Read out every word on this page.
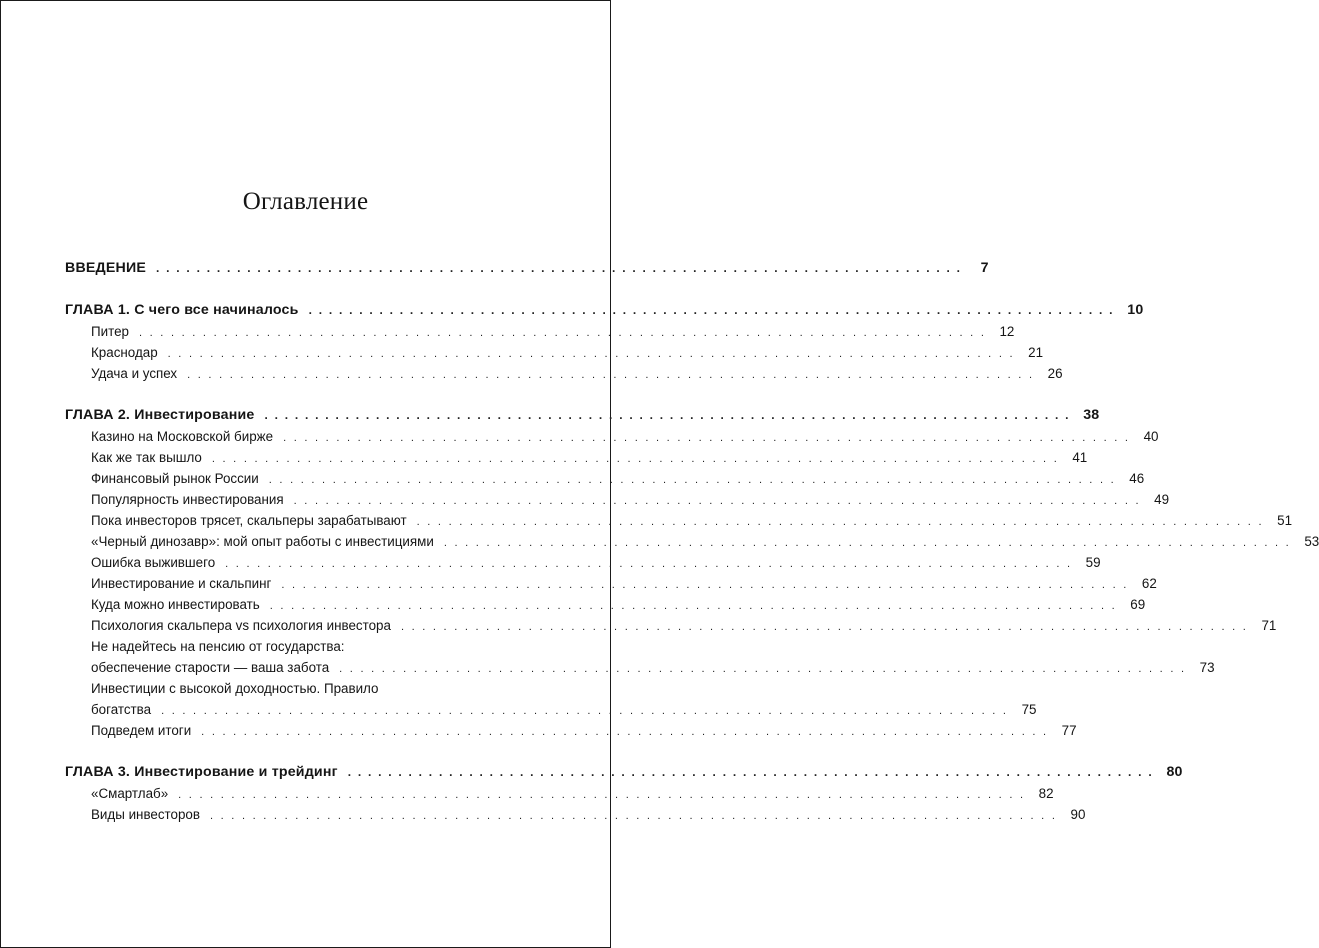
Оглавление
ВВЕДЕНИЕ ................................................................................ 7
ГЛАВА 1. С чего все начиналось ................................................................................ 10
Питер ................................................................................ 12
Краснодар ................................................................................ 21
Удача и успех ................................................................................ 26
ГЛАВА 2. Инвестирование ................................................................................ 38
Казино на Московской бирже ................................................................................ 40
Как же так вышло ................................................................................ 41
Финансовый рынок России ................................................................................ 46
Популярность инвестирования ................................................................................ 49
Пока инвесторов трясет, скальперы зарабатывают ................................................................................ 51
«Черный динозавр»: мой опыт работы с инвестициями ................................................................................ 53
Ошибка выжившего ................................................................................ 59
Инвестирование и скальпинг ................................................................................ 62
Куда можно инвестировать ................................................................................ 69
Психология скальпера vs психология инвестора ................................................................................ 71
Не надейтесь на пенсию от государства:
обеспечение старости — ваша забота ................................................................................ 73
Инвестиции с высокой доходностью. Правило
богатства ................................................................................ 75
Подведем итоги ................................................................................ 77
ГЛАВА 3. Инвестирование и трейдинг ................................................................................ 80
«Смартлаб» ................................................................................ 82
Виды инвесторов ................................................................................ 90
